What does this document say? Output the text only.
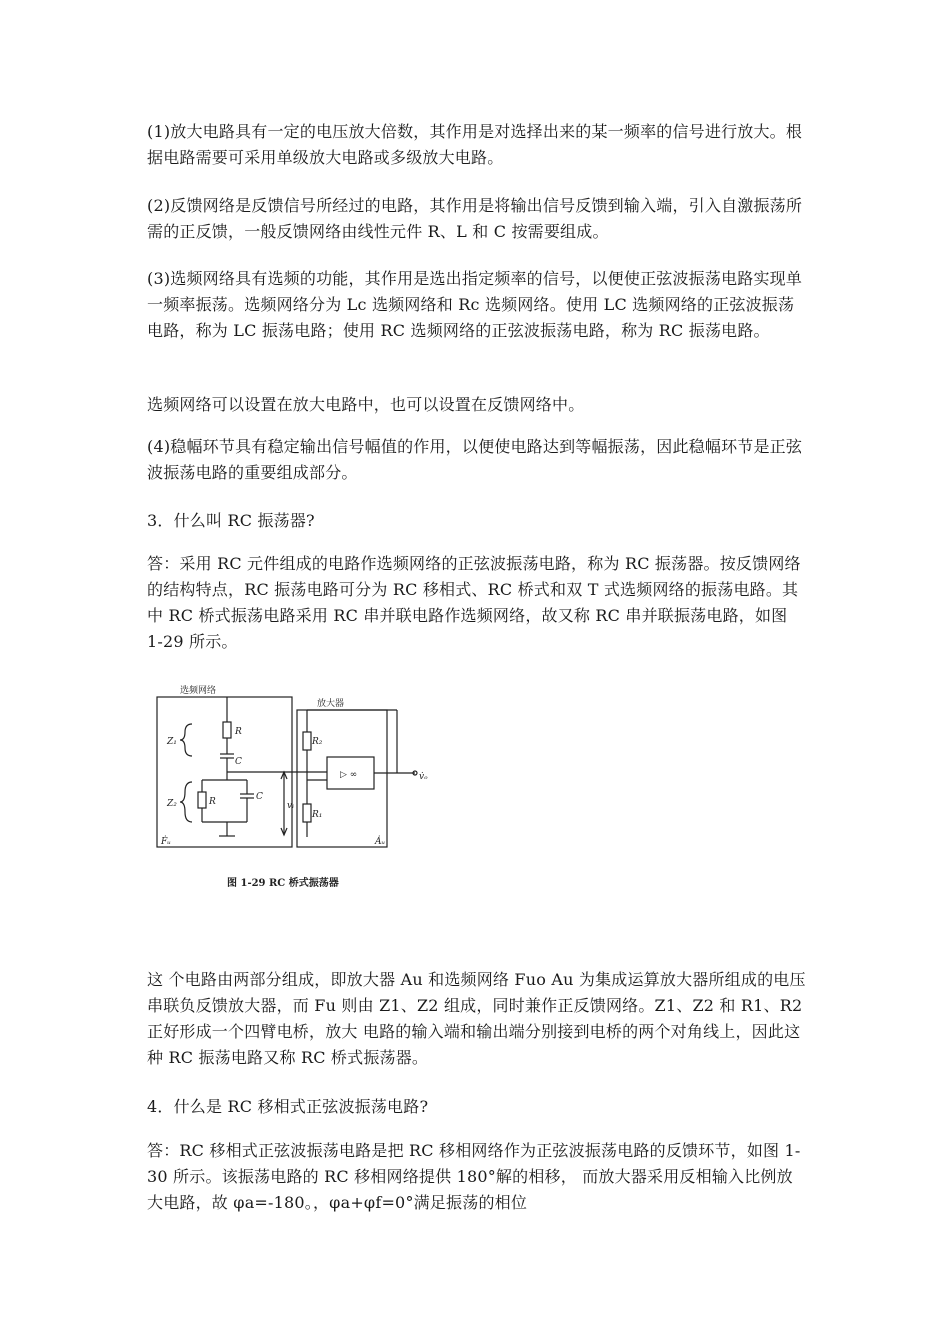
(1)放大电路具有一定的电压放大倍数，其作用是对选择出来的某一频率的信号进行放大。根据电路需要可采用单级放大电路或多级放大电路。

(2)反馈网络是反馈信号所经过的电路，其作用是将输出信号反馈到输入端，引入自激振荡所需的正反馈，一般反馈网络由线性元件 R、L 和 C 按需要组成。

(3)选频网络具有选频的功能，其作用是选出指定频率的信号，以便使正弦波振荡电路实现单一频率振荡。选频网络分为 Lc 选频网络和 Rc 选频网络。使用 LC 选频网络的正弦波振荡电路，称为 LC 振荡电路；使用 RC 选频网络的正弦波振荡电路，称为 RC 振荡电路。

选频网络可以设置在放大电路中，也可以设置在反馈网络中。

(4)稳幅环节具有稳定输出信号幅值的作用，以便使电路达到等幅振荡，因此稳幅环节是正弦波振荡电路的重要组成部分。

3．什么叫 RC 振荡器?

答：采用 RC 元件组成的电路作选频网络的正弦波振荡电路，称为 RC 振荡器。按反馈网络的结构特点，RC 振荡电路可分为 RC 移相式、RC 桥式和双 T 式选频网络的振荡电路。其中 RC 桥式振荡电路采用 RC 串并联电路作选频网络，故又称 RC 串并联振荡电路，如图 1-29 所示。

选频网络
放大器
Z₁
Z₂
R
C
R	C
R₂
R₁
vᵢ
v̇ₒ
Ḟᵤ	Ȧᵤ
▷ ∞
图 1-29 RC 桥式振荡器

这 个电路由两部分组成，即放大器 Au 和选频网络 Fuo Au 为集成运算放大器所组成的电压串联负反馈放大器，而 Fu 则由 Z1、Z2 组成，同时兼作正反馈网络。Z1、Z2 和 R1、R2 正好形成一个四臂电桥，放大 电路的输入端和输出端分别接到电桥的两个对角线上，因此这种 RC 振荡电路又称 RC 桥式振荡器。

4．什么是 RC 移相式正弦波振荡电路?

答：RC 移相式正弦波振荡电路是把 RC 移相网络作为正弦波振荡电路的反馈环节，如图 1-30 所示。该振荡电路的 RC 移相网络提供 180°解的相移， 而放大器采用反相输入比例放大电路，故 φa=-180。，φa+φf=0°满足振荡的相位
